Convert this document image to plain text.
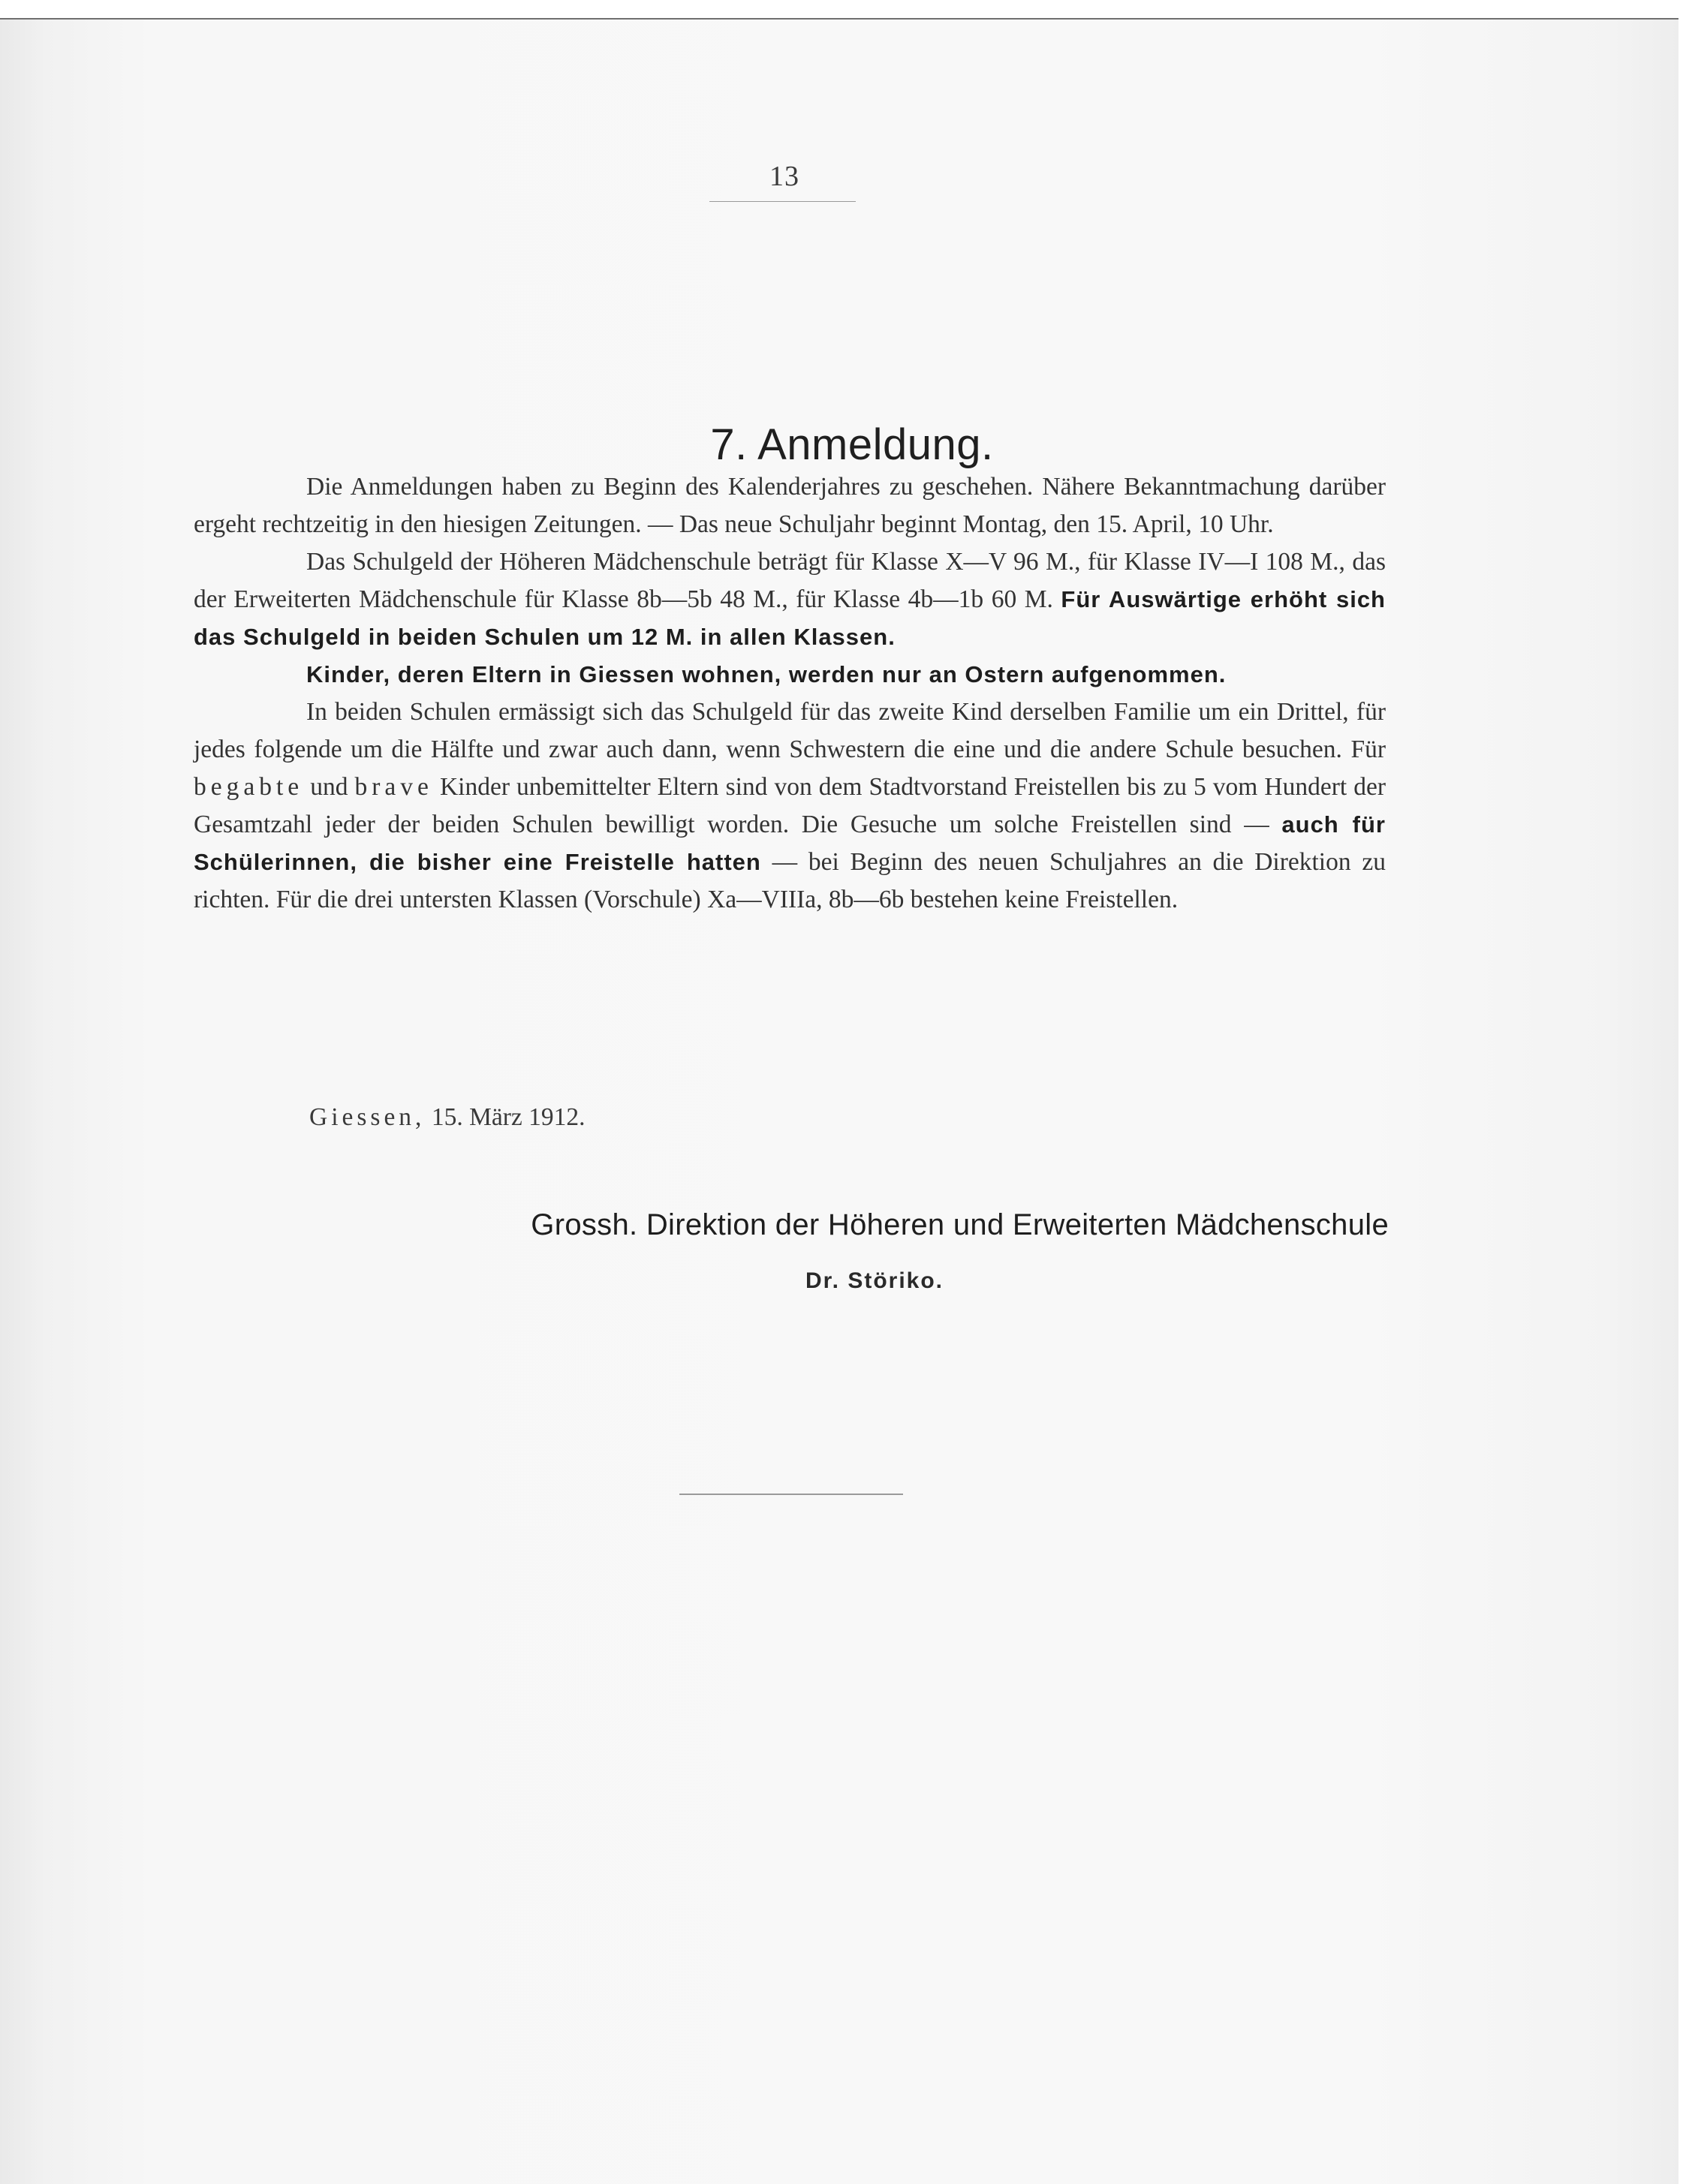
13
7. Anmeldung.

Die Anmeldungen haben zu Beginn des Kalenderjahres zu geschehen. Nähere Bekanntmachung darüber ergeht rechtzeitig in den hiesigen Zeitungen. — Das neue Schuljahr beginnt Montag, den 15. April, 10 Uhr.

Das Schulgeld der Höheren Mädchenschule beträgt für Klasse X—V 96 M., für Klasse IV—I 108 M., das der Erweiterten Mädchenschule für Klasse 8b—5b 48 M., für Klasse 4b—1b 60 M. Für Auswärtige erhöht sich das Schulgeld in beiden Schulen um 12 M. in allen Klassen.

Kinder, deren Eltern in Giessen wohnen, werden nur an Ostern aufgenommen.

In beiden Schulen ermässigt sich das Schulgeld für das zweite Kind derselben Familie um ein Drittel, für jedes folgende um die Hälfte und zwar auch dann, wenn Schwestern die eine und die andere Schule besuchen. Für begabte und brave Kinder unbemittelter Eltern sind von dem Stadtvorstand Freistellen bis zu 5 vom Hundert der Gesamtzahl jeder der beiden Schulen bewilligt worden. Die Gesuche um solche Freistellen sind — auch für Schülerinnen, die bisher eine Freistelle hatten — bei Beginn des neuen Schuljahres an die Direktion zu richten. Für die drei untersten Klassen (Vorschule) Xa—VIIIa, 8b—6b bestehen keine Freistellen.

Giessen, 15. März 1912.
Grossh. Direktion der Höheren und Erweiterten Mädchenschule
Dr. Störiko.
